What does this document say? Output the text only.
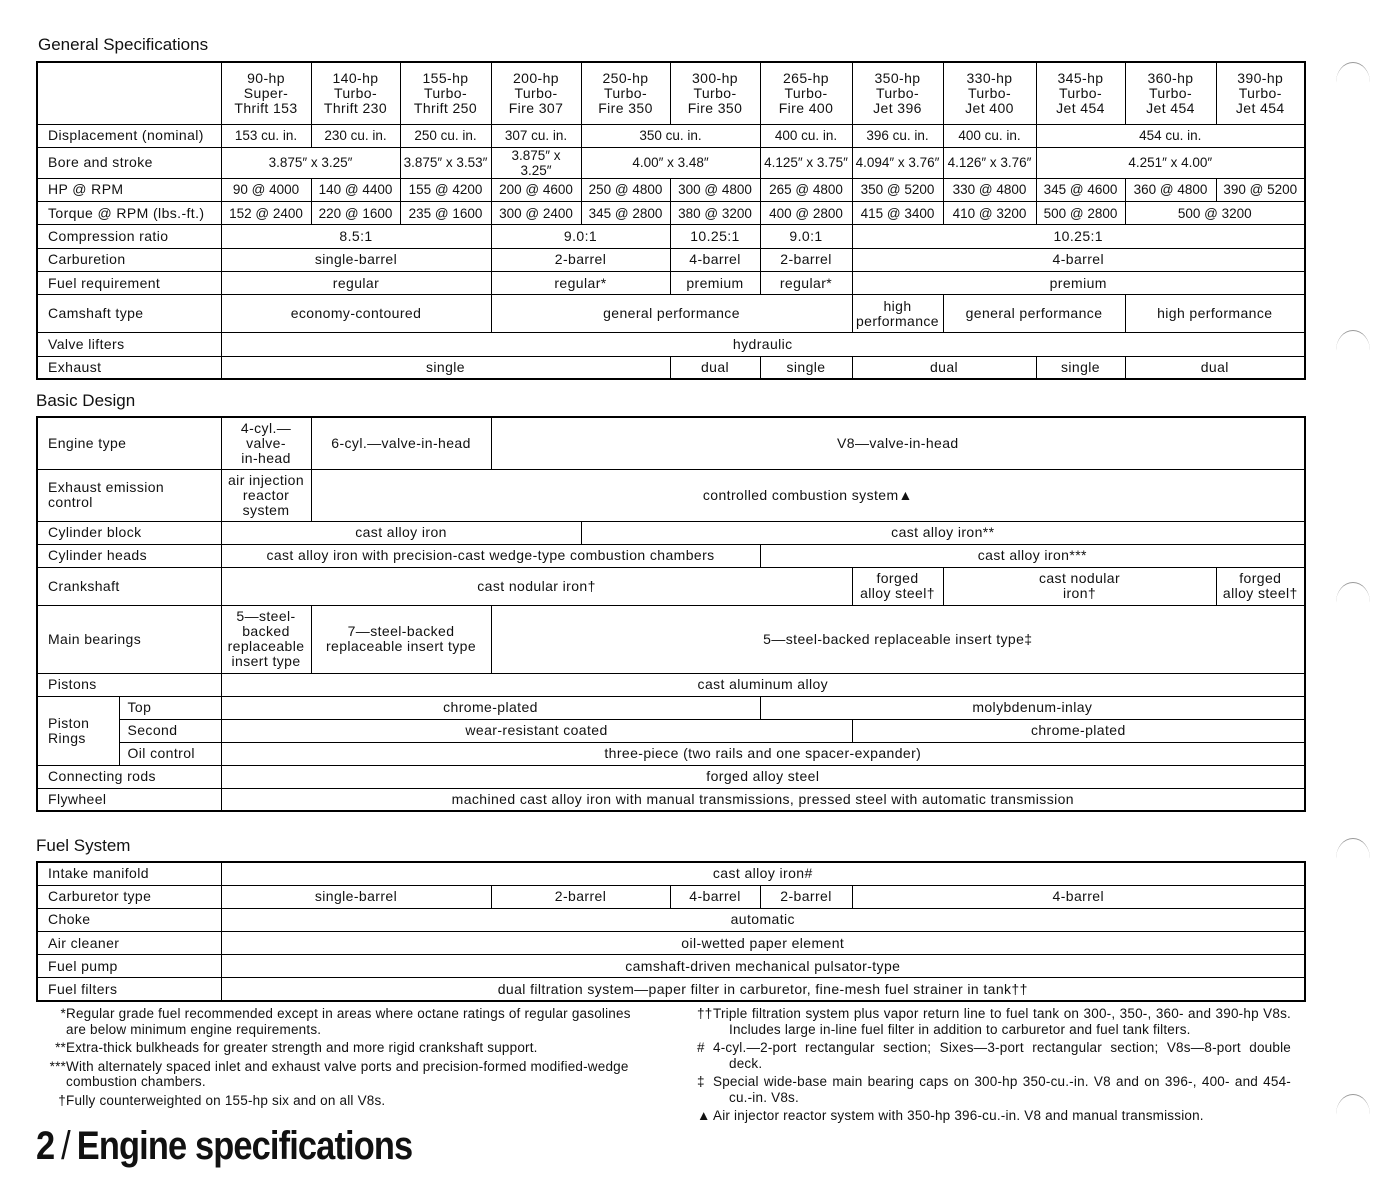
General Specifications
	90-hp
Super-
Thrift 153	140-hp
Turbo-
Thrift 230	155-hp
Turbo-
Thrift 250	200-hp
Turbo-
Fire 307	250-hp
Turbo-
Fire 350	300-hp
Turbo-
Fire 350	265-hp
Turbo-
Fire 400	350-hp
Turbo-
Jet 396	330-hp
Turbo-
Jet 400	345-hp
Turbo-
Jet 454	360-hp
Turbo-
Jet 454	390-hp
Turbo-
Jet 454
Displacement (nominal)	153 cu. in.	230 cu. in.	250 cu. in.	307 cu. in.	350 cu. in.		400 cu. in.	396 cu. in.	400 cu. in.	454 cu. in.		
Bore and stroke	3.875″ x 3.25″		3.875″ x 3.53″	3.875″ x 3.25″	4.00″ x 3.48″		4.125″ x 3.75″	4.094″ x 3.76″	4.126″ x 3.76″	4.251″ x 4.00″		
HP @ RPM	90 @ 4000	140 @ 4400	155 @ 4200	200 @ 4600	250 @ 4800	300 @ 4800	265 @ 4800	350 @ 5200	330 @ 4800	345 @ 4600	360 @ 4800	390 @ 5200
Torque @ RPM (lbs.-ft.)	152 @ 2400	220 @ 1600	235 @ 1600	300 @ 2400	345 @ 2800	380 @ 3200	400 @ 2800	415 @ 3400	410 @ 3200	500 @ 2800	500 @ 3200	
Compression ratio	8.5:1			9.0:1		10.25:1	9.0:1	10.25:1				
Carburetion	single-barrel			2-barrel		4-barrel	2-barrel	4-barrel				
Fuel requirement	regular			regular*		premium	regular*	premium				
Camshaft type	economy-contoured			general performance				high
performance	general performance		high performance	
Valve lifters	hydraulic											
Exhaust	single					dual	single	dual		single	dual	
Basic Design
Engine type		4-cyl.—
valve-
in-head	6-cyl.—valve-in-head	V8—valve-in-head					
Exhaust emission
control		air injection
reactor
system	controlled combustion system▲						
Cylinder block		cast alloy iron			cast alloy iron**				
Cylinder heads		cast alloy iron with precision-cast wedge-type combustion chambers				cast alloy iron***			
Crankshaft		cast nodular iron†					forged
alloy steel†	cast nodular
iron†	forged
alloy steel†
Main bearings		5—steel-
backed
replaceable
insert type	7—steel-backed
replaceable insert type	5—steel-backed replaceable insert type‡					
Pistons		cast aluminum alloy							
Piston
Rings	Top	chrome-plated				molybdenum-inlay			
	Second	wear-resistant coated					chrome-plated		
	Oil control	three-piece (two rails and one spacer-expander)							
Connecting rods		forged alloy steel							
Flywheel		machined cast alloy iron with manual transmissions, pressed steel with automatic transmission							
Fuel System
Intake manifold	cast alloy iron#				
Carburetor type	single-barrel	2-barrel	4-barrel	2-barrel	4-barrel
Choke	automatic				
Air cleaner	oil-wetted paper element				
Fuel pump	camshaft-driven mechanical pulsator-type				
Fuel filters	dual filtration system—paper filter in carburetor, fine-mesh fuel strainer in tank††				
* Regular grade fuel recommended except in areas where octane ratings of regular gasolines are below minimum engine requirements.
** Extra-thick bulkheads for greater strength and more rigid crankshaft support.
*** With alternately spaced inlet and exhaust valve ports and precision-formed modified-wedge combustion chambers.
† Fully counterweighted on 155-hp six and on all V8s.
††Triple filtration system plus vapor return line to fuel tank on 300-, 350-, 360- and 390-hp V8s. Includes large in-line fuel filter in addition to carburetor and fuel tank filters.
# 4-cyl.—2-port rectangular section; Sixes—3-port rectangular section; V8s—8-port double deck.
‡ Special wide-base main bearing caps on 300-hp 350-cu.-in. V8 and on 396-, 400- and 454-cu.-in. V8s.
▲ Air injector reactor system with 350-hp 396-cu.-in. V8 and manual transmission.
2 / Engine specifications
